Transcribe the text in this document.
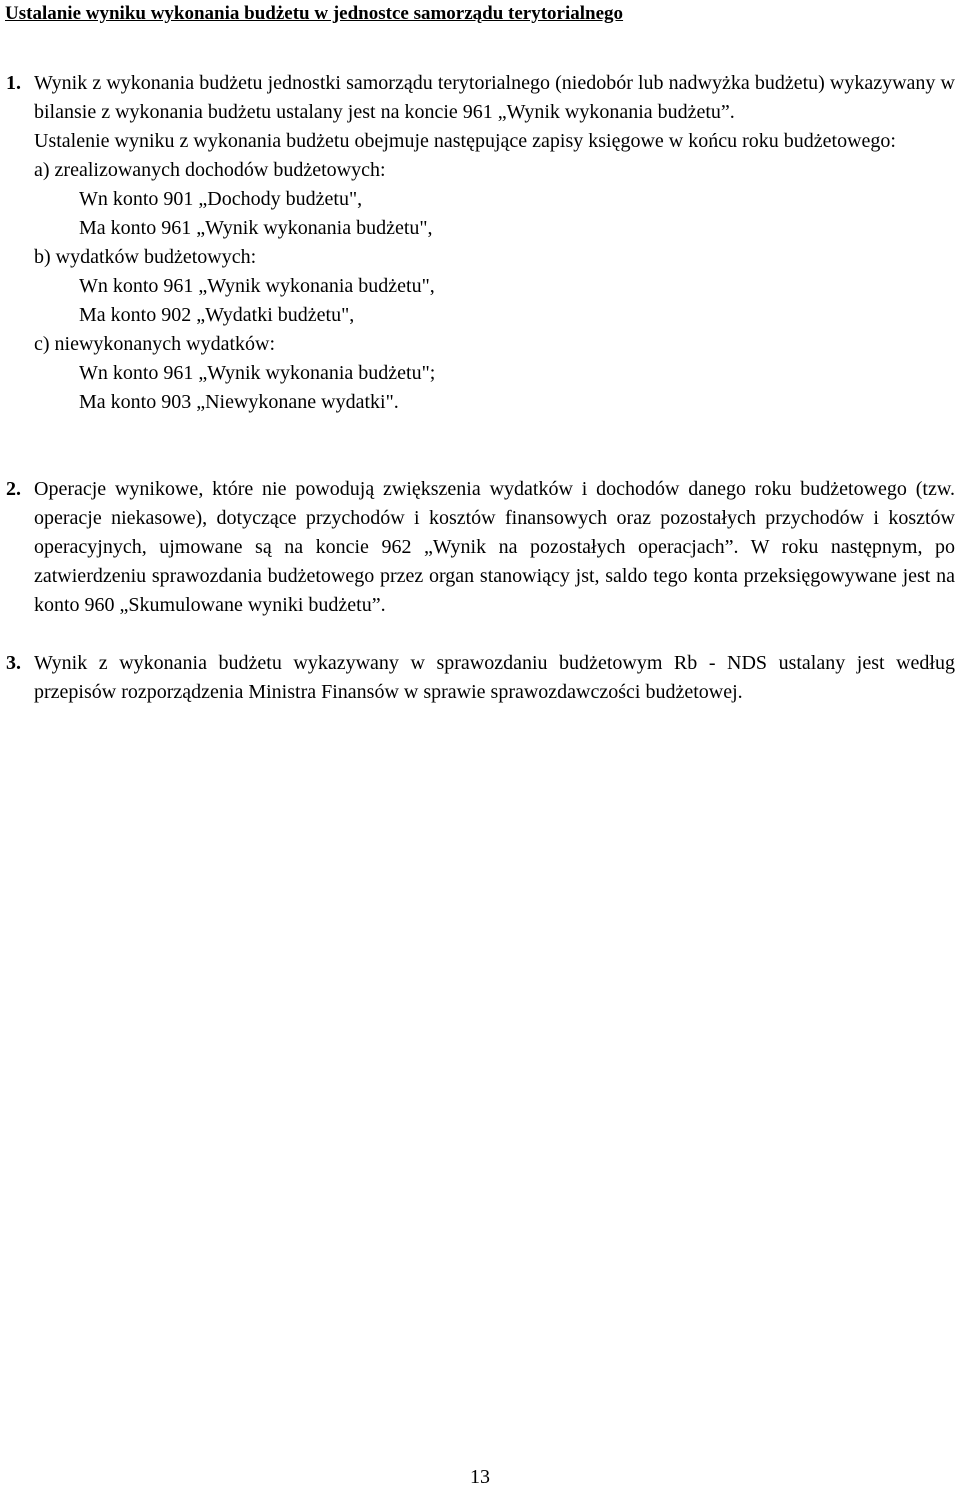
Ustalanie wyniku wykonania budżetu w jednostce samorządu terytorialnego
1. Wynik z wykonania budżetu jednostki samorządu terytorialnego (niedobór lub nadwyżka budżetu) wykazywany w bilansie z wykonania budżetu ustalany jest na koncie 961 „Wynik wykonania budżetu”.
Ustalenie wyniku z wykonania budżetu obejmuje następujące zapisy księgowe w końcu roku budżetowego:
a) zrealizowanych dochodów budżetowych:
Wn konto 901 „Dochody budżetu",
Ma konto 961 „Wynik wykonania budżetu",
b) wydatków budżetowych:
Wn konto 961 „Wynik wykonania budżetu",
Ma konto 902 „Wydatki budżetu",
c) niewykonanych wydatków:
Wn konto 961 „Wynik wykonania budżetu";
Ma konto 903 „Niewykonane wydatki".
2. Operacje wynikowe, które nie powodują zwiększenia wydatków i dochodów danego roku budżetowego (tzw. operacje niekasowe), dotyczące przychodów i kosztów finansowych oraz pozostałych przychodów i kosztów operacyjnych, ujmowane są na koncie 962 „Wynik na pozostałych operacjach”. W roku następnym, po zatwierdzeniu sprawozdania budżetowego przez organ stanowiący jst, saldo tego konta przeksięgowywane jest na konto 960 „Skumulowane wyniki budżetu”.
3. Wynik z wykonania budżetu wykazywany w sprawozdaniu budżetowym Rb - NDS ustalany jest według przepisów rozporządzenia Ministra Finansów w sprawie sprawozdawczości budżetowej.
13
